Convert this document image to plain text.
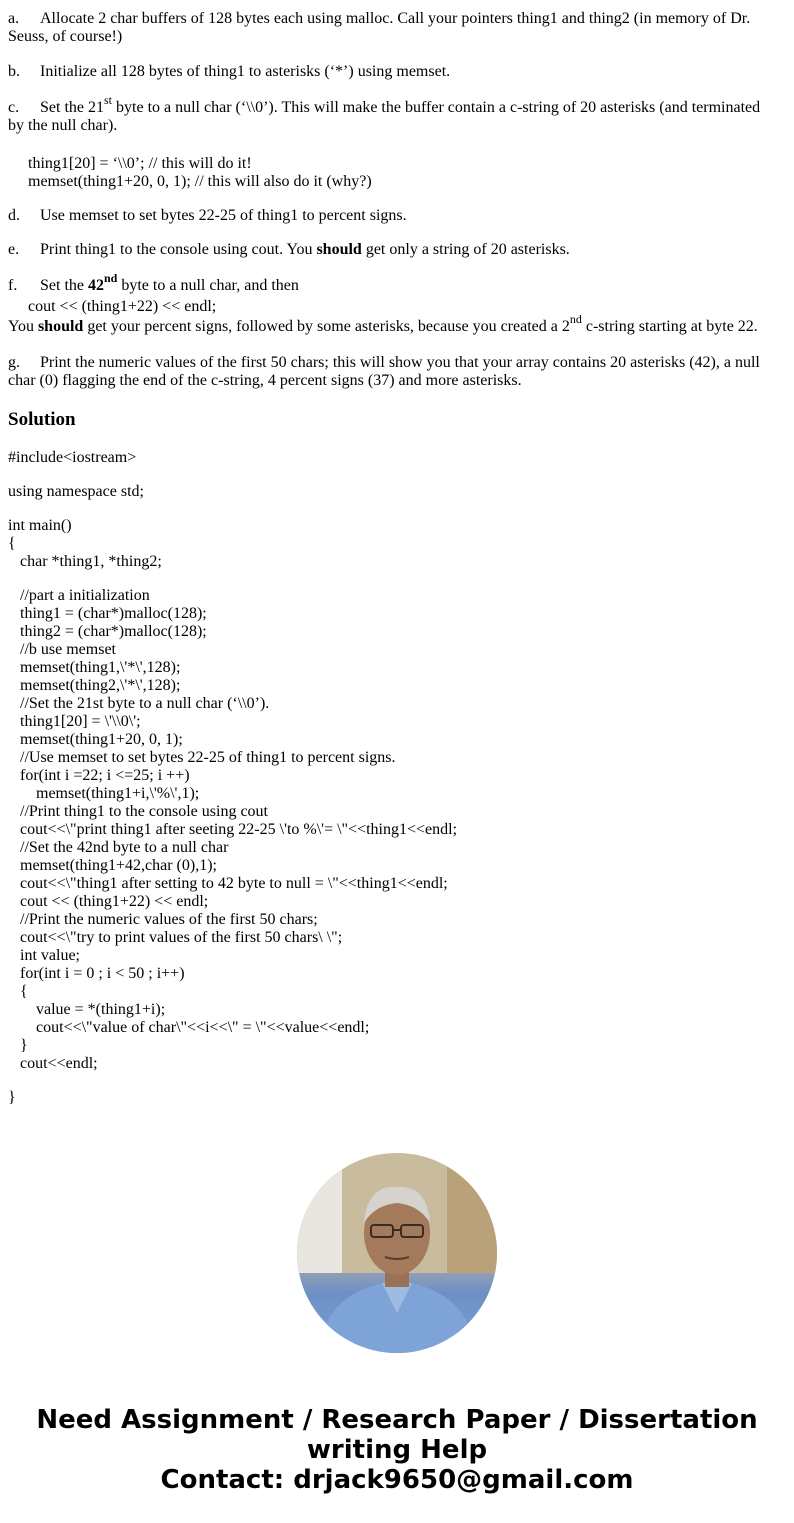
a. Allocate 2 char buffers of 128 bytes each using malloc. Call your pointers thing1 and thing2 (in memory of Dr.
Seuss, of course!)

b. Initialize all 128 bytes of thing1 to asterisks (‘*’) using memset.

c. Set the 21st byte to a null char (‘\\0’). This will make the buffer contain a c-string of 20 asterisks (and terminated
by the null char).

thing1[20] = ‘\\0’; // this will do it!
memset(thing1+20, 0, 1); // this will also do it (why?)

d. Use memset to set bytes 22-25 of thing1 to percent signs.

e. Print thing1 to the console using cout. You should get only a string of 20 asterisks.

f. Set the 42nd byte to a null char, and then

cout << (thing1+22) << endl;

You should get your percent signs, followed by some asterisks, because you created a 2nd c-string starting at byte 22.

g. Print the numeric values of the first 50 chars; this will show you that your array contains 20 asterisks (42), a null
char (0) flagging the end of the c-string, 4 percent signs (37) and more asterisks.

Solution
#include<iostream>
using namespace std;
int main()
{
char *thing1, *thing2;
//part a initialization
thing1 = (char*)malloc(128);
thing2 = (char*)malloc(128);
//b use memset
memset(thing1,\'*\',128);
memset(thing2,\'*\',128);
//Set the 21st byte to a null char (‘\\0’).
thing1[20] = \'\\0\';
memset(thing1+20, 0, 1);
//Use memset to set bytes 22-25 of thing1 to percent signs.
for(int i =22; i <=25; i ++)
memset(thing1+i,\'%\',1);
//Print thing1 to the console using cout
cout<<\"print thing1 after seeting 22-25 \'to %\'= \"<<thing1<<endl;
//Set the 42nd byte to a null char
memset(thing1+42,char (0),1);
cout<<\"thing1 after setting to 42 byte to null = \"<<thing1<<endl;
cout << (thing1+22) << endl;
//Print the numeric values of the first 50 chars;
cout<<\"try to print values of the first 50 chars\ \";
int value;
for(int i = 0 ; i < 50 ; i++)
{
value = *(thing1+i);
cout<<\"value of char\"<<i<<\" = \"<<value<<endl;
}
cout<<endl;
}
Need Assignment / Research Paper / Dissertation
writing Help
Contact: drjack9650@gmail.com
